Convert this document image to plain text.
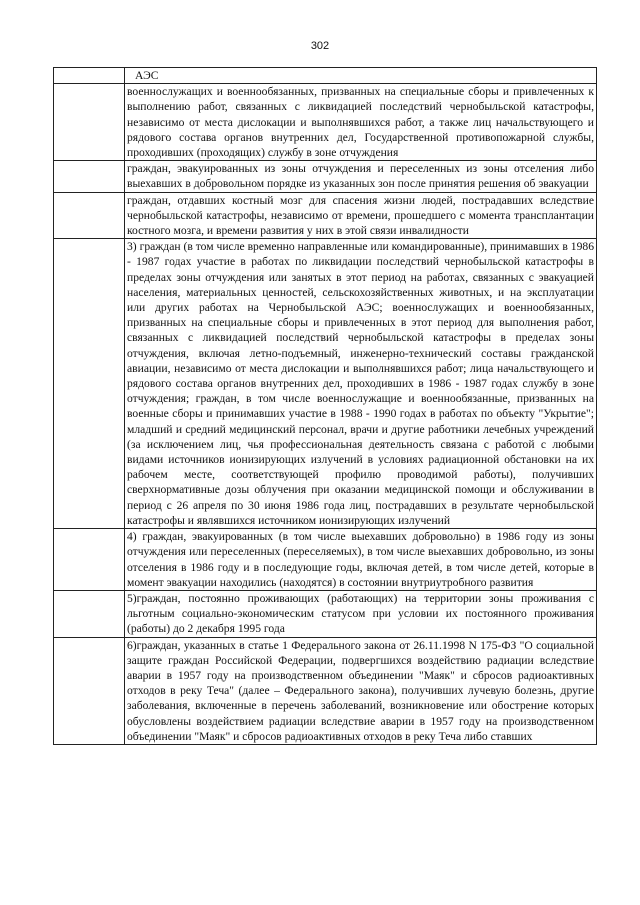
302

	АЭС

	военнослужащих и военнообязанных, призванных на специальные сборы и привлеченных к выполнению работ, связанных с ликвидацией последствий чернобыльской катастрофы, независимо от места дислокации и выполнявшихся работ, а также лиц начальствующего и рядового состава органов внутренних дел, Государственной противопожарной службы, проходивших (проходящих) службу в зоне отчуждения

	граждан, эвакуированных из зоны отчуждения и переселенных из зоны отселения либо выехавших в добровольном порядке из указанных зон после принятия решения об эвакуации

	граждан, отдавших костный мозг для спасения жизни людей, пострадавших вследствие чернобыльской катастрофы, независимо от времени, прошедшего с момента трансплантации костного мозга, и времени развития у них в этой связи инвалидности

	3) граждан (в том числе временно направленные или командированные), принимавших в 1986 - 1987 годах участие в работах по ликвидации последствий чернобыльской катастрофы в пределах зоны отчуждения или занятых в этот период на работах, связанных с эвакуацией населения, материальных ценностей, сельскохозяйственных животных, и на эксплуатации или других работах на Чернобыльской АЭС; военнослужащих и военнообязанных, призванных на специальные сборы и привлеченных в этот период для выполнения работ, связанных с ликвидацией последствий чернобыльской катастрофы в пределах зоны отчуждения, включая летно-подъемный, инженерно-технический составы гражданской авиации, независимо от места дислокации и выполнявшихся работ; лица начальствующего и рядового состава органов внутренних дел, проходивших в 1986 - 1987 годах службу в зоне отчуждения; граждан, в том числе военнослужащие и военнообязанные, призванных на военные сборы и принимавших участие в 1988 - 1990 годах в работах по объекту "Укрытие"; младший и средний медицинский персонал, врачи и другие работники лечебных учреждений (за исключением лиц, чья профессиональная деятельность связана с работой с любыми видами источников ионизирующих излучений в условиях радиационной обстановки на их рабочем месте, соответствующей профилю проводимой работы), получивших сверхнормативные дозы облучения при оказании медицинской помощи и обслуживании в период с 26 апреля по 30 июня 1986 года лиц, пострадавших в результате чернобыльской катастрофы и являвшихся источником ионизирующих излучений

	4) граждан, эвакуированных (в том числе выехавших добровольно) в 1986 году из зоны отчуждения или переселенных (переселяемых), в том числе выехавших добровольно, из зоны отселения в 1986 году и в последующие годы, включая детей, в том числе детей, которые в момент эвакуации находились (находятся) в состоянии внутриутробного развития

	5)граждан, постоянно проживающих (работающих) на территории зоны проживания с льготным социально-экономическим статусом при условии их постоянного проживания (работы) до 2 декабря 1995 года

	6)граждан, указанных в статье 1 Федерального закона от 26.11.1998 N 175-ФЗ "О социальной защите граждан Российской Федерации, подвергшихся воздействию радиации вследствие аварии в 1957 году на производственном объединении "Маяк" и сбросов радиоактивных отходов в реку Теча" (далее – Федерального закона), получивших лучевую болезнь, другие заболевания, включенные в перечень заболеваний, возникновение или обострение которых обусловлены воздействием радиации вследствие аварии в 1957 году на производственном объединении "Маяк" и сбросов радиоактивных отходов в реку Теча либо ставших
